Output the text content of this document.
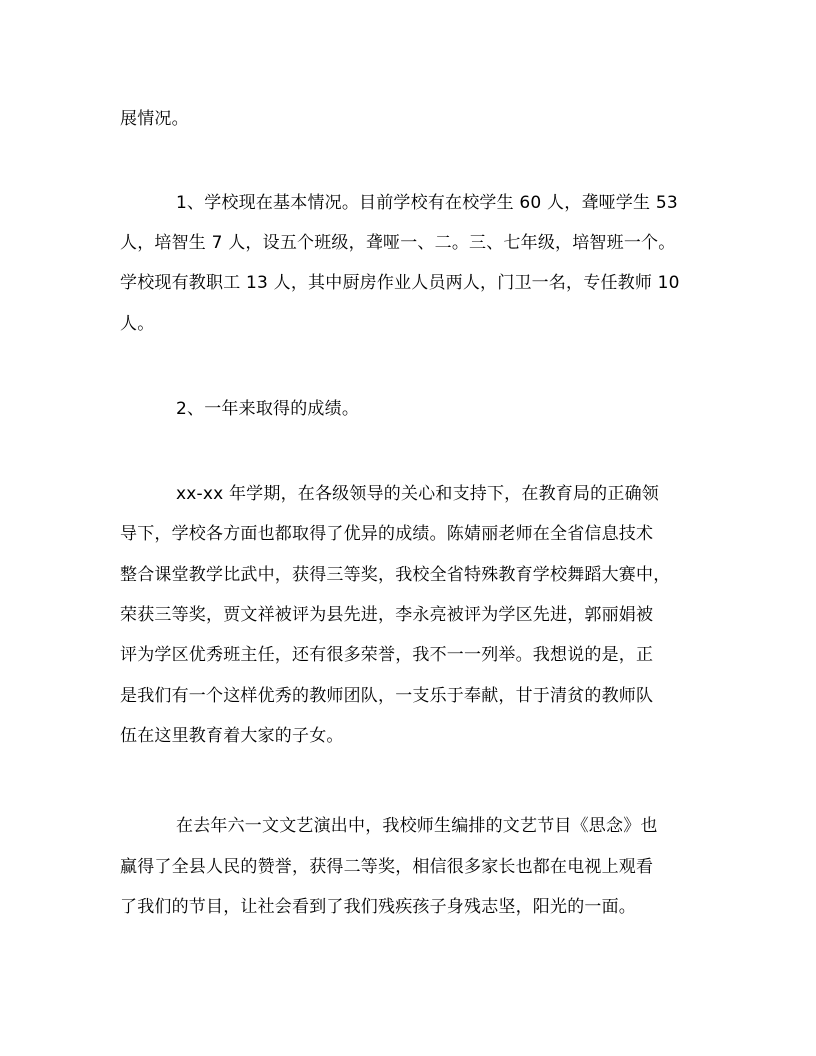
展情况。
1、学校现在基本情况。目前学校有在校学生 60 人，聋哑学生 53
人，培智生 7 人，设五个班级，聋哑一、二。三、七年级，培智班一个。
学校现有教职工 13 人，其中厨房作业人员两人，门卫一名，专任教师 10
人。
2、一年来取得的成绩。
xx-xx 年学期，在各级领导的关心和支持下，在教育局的正确领
导下，学校各方面也都取得了优异的成绩。陈婧丽老师在全省信息技术
整合课堂教学比武中，获得三等奖，我校全省特殊教育学校舞蹈大赛中，
荣获三等奖，贾文祥被评为县先进，李永亮被评为学区先进，郭丽娟被
评为学区优秀班主任，还有很多荣誉，我不一一列举。我想说的是，正
是我们有一个这样优秀的教师团队，一支乐于奉献，甘于清贫的教师队
伍在这里教育着大家的子女。
在去年六一文文艺演出中，我校师生编排的文艺节目《思念》也
赢得了全县人民的赞誉，获得二等奖，相信很多家长也都在电视上观看
了我们的节目，让社会看到了我们残疾孩子身残志坚，阳光的一面。
